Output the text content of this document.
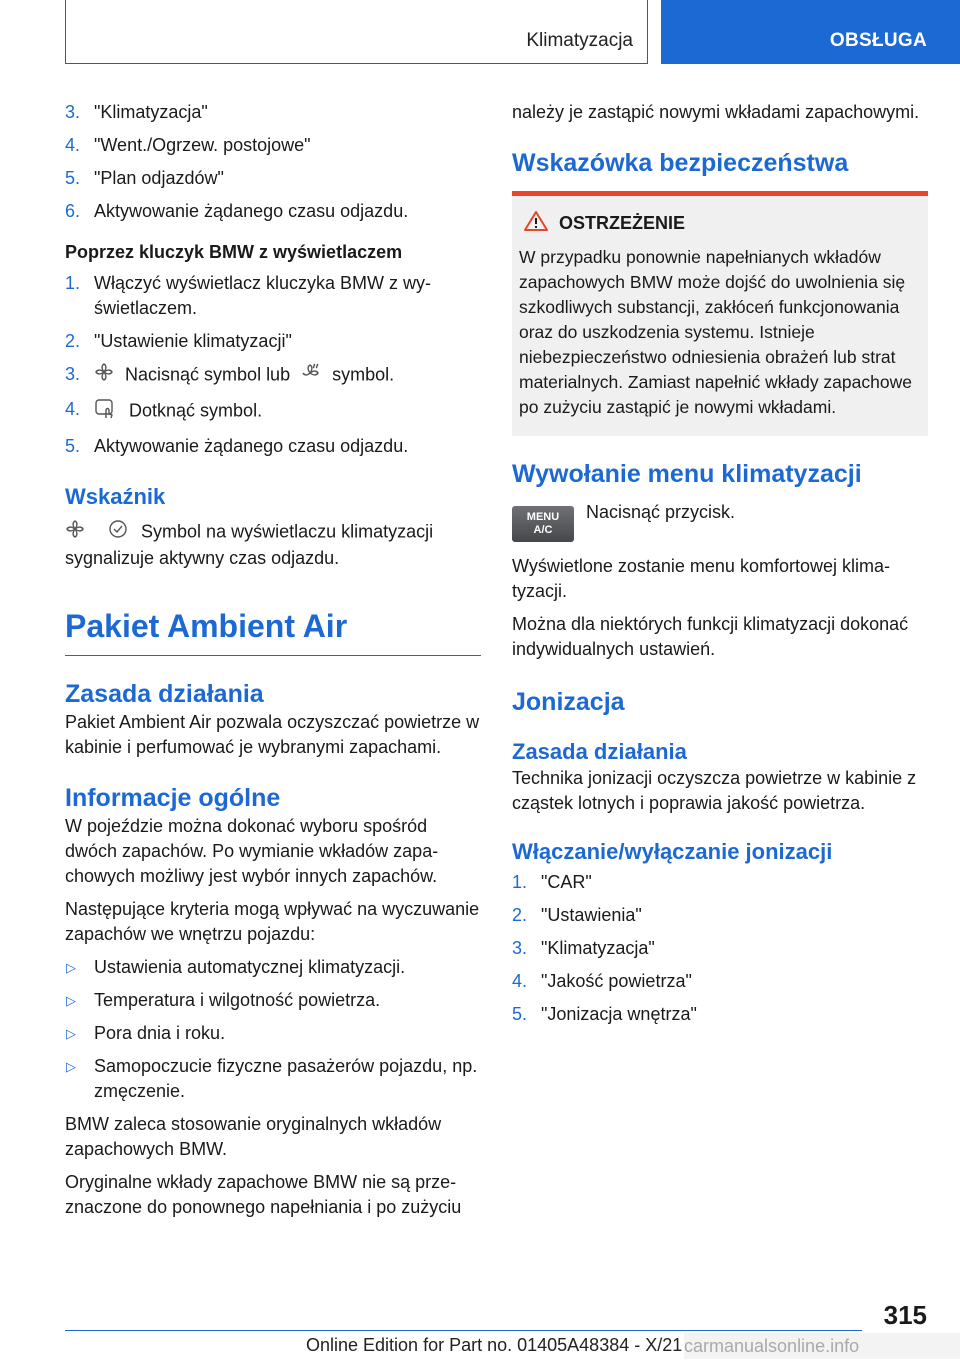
Klimatyzacja	OBSŁUGA
3. "Klimatyzacja"
4. "Went./Ogrzew. postojowe"
5. "Plan odjazdów"
6. Aktywowanie żądanego czasu odjazdu.
Poprzez kluczyk BMW z wyświetlaczem
1. Włączyć wyświetlacz kluczyka BMW z wyświetlaczem.
2. "Ustawienie klimatyzacji"
3.	Nacisnąć symbol lub symbol.
4.	Dotknąć symbol.
5. Aktywowanie żądanego czasu odjazdu.
Wskaźnik

Symbol na wyświetlaczu klimatyzacji sygnalizuje aktywny czas odjazdu.

Pakiet Ambient Air
Zasada działania

Pakiet Ambient Air pozwala oczyszczać powietrze w kabinie i perfumować je wybranymi zapachami.

Informacje ogólne

W pojeździe można dokonać wyboru spośród dwóch zapachów. Po wymianie wkładów zapachowych możliwy jest wybór innych zapachów.

Następujące kryteria mogą wpływać na wyczuwanie zapachów we wnętrzu pojazdu:

▷ Ustawienia automatycznej klimatyzacji.
▷ Temperatura i wilgotność powietrza.
▷ Pora dnia i roku.
▷ Samopoczucie fizyczne pasażerów pojazdu, np. zmęczenie.

BMW zaleca stosowanie oryginalnych wkładów zapachowych BMW.

Oryginalne wkłady zapachowe BMW nie są przeznaczone do ponownego napełniania i po zużyciu

należy je zastąpić nowymi wkładami zapachowymi.

Wskazówka bezpieczeństwa
OSTRZEŻENIE

W przypadku ponownie napełnianych wkładów zapachowych BMW może dojść do uwolnienia się szkodliwych substancji, zakłóceń funkcjonowania oraz do uszkodzenia systemu. Istnieje niebezpieczeństwo odniesienia obrażeń lub strat materialnych. Zamiast napełnić wkłady zapachowe po zużyciu zastąpić je nowymi wkładami.

Wywołanie menu klimatyzacji
MENU
A/C

Nacisnąć przycisk.

Wyświetlone zostanie menu komfortowej klimatyzacji.

Można dla niektórych funkcji klimatyzacji dokonać indywidualnych ustawień.

Jonizacja
Zasada działania

Technika jonizacji oczyszcza powietrze w kabinie z cząstek lotnych i poprawia jakość powietrza.

Włączanie/wyłączanie jonizacji
1. "CAR"
2. "Ustawienia"
3. "Klimatyzacja"
4. "Jakość powietrza"
5. "Jonizacja wnętrza"
315
Online Edition for Part no. 01405A48384 - X/21 carmanualsonline.info
